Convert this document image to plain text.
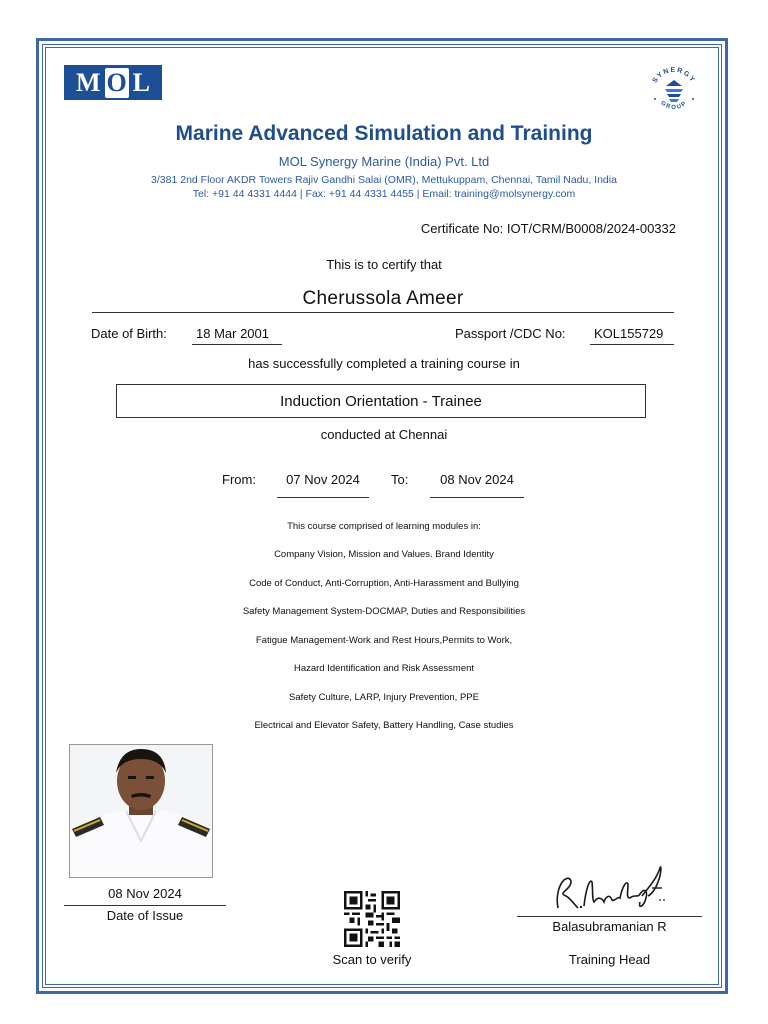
M O L	SYNERGY
GROUP
Marine Advanced Simulation and Training
MOL Synergy Marine (India) Pvt. Ltd
3/381 2nd Floor AKDR Towers Rajiv Gandhi Salai (OMR), Mettukuppam, Chennai, Tamil Nadu, India
Tel: +91 44 4331 4444 | Fax: +91 44 4331 4455 | Email: training@molsynergy.com
Certificate No: IOT/CRM/B0008/2024-00332
This is to certify that
Cherussola Ameer
Date of Birth:	18 Mar 2001	Passport /CDC No:	KOL155729
has successfully completed a training course in
Induction Orientation - Trainee
conducted at Chennai
From:	07 Nov 2024	To:	08 Nov 2024
This course comprised of learning modules in:
Company Vision, Mission and Values. Brand Identity
Code of Conduct, Anti-Corruption, Anti-Harassment and Bullying
Safety Management System-DOCMAP, Duties and Responsibilities
Fatigue Management-Work and Rest Hours,Permits to Work,
Hazard Identification and Risk Assessment
Safety Culture, LARP, Injury Prevention, PPE
Electrical and Elevator Safety, Battery Handling, Case studies
08 Nov 2024
Date of Issue
Scan to verify
Balasubramanian R
Training Head
